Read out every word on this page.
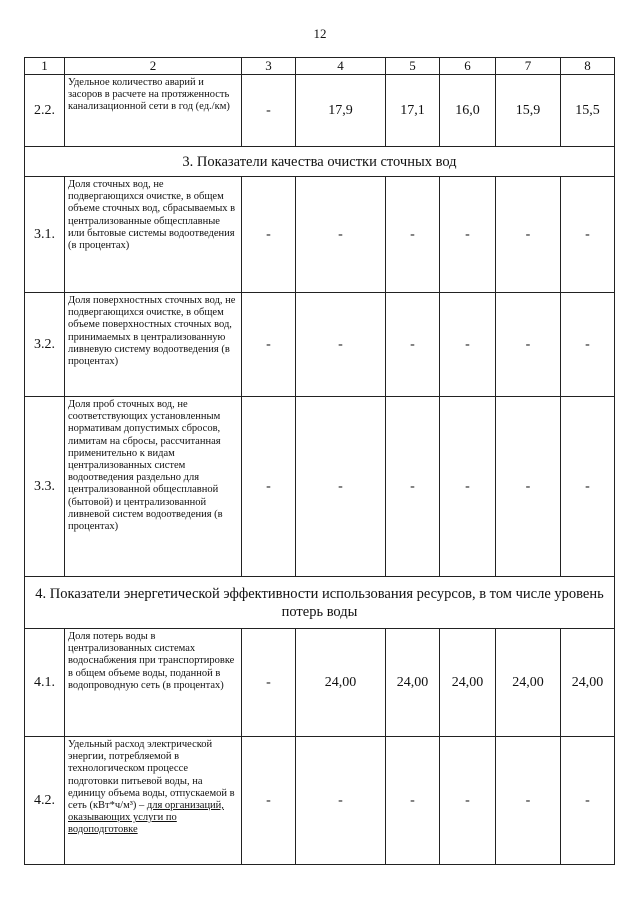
12
1	2	3	4	5	6	7	8
2.2.	Удельное количество аварий и засоров в расчете на протяженность канализационной сети в год (ед./км)	-	17,9	17,1	16,0	15,9	15,5
3. Показатели качества очистки сточных вод							
3.1.	Доля сточных вод, не подвергающихся очистке, в общем объеме сточных вод, сбрасываемых в централизованные общесплавные или бытовые системы водоотведения (в процентах)	-	-	-	-	-	-
3.2.	Доля поверхностных сточных вод, не подвергающихся очистке, в общем объеме поверхностных сточных вод, принимаемых в централизованную ливневую систему водоотведения (в процентах)	-	-	-	-	-	-
3.3.	Доля проб сточных вод, не соответствующих установленным нормативам допустимых сбросов, лимитам на сбросы, рассчитанная применительно к видам централизованных систем водоотведения раздельно для централизованной общесплавной (бытовой) и централизованной ливневой систем водоотведения (в процентах)	-	-	-	-	-	-
4. Показатели энергетической эффективности использования ресурсов, в том числе уровень потерь воды							
4.1.	Доля потерь воды в централизованных системах водоснабжения при транспортировке в общем объеме воды, поданной в водопроводную сеть (в процентах)	-	24,00	24,00	24,00	24,00	24,00
4.2.	Удельный расход электрической энергии, потребляемой в технологическом процессе подготовки питьевой воды, на единицу объема воды, отпускаемой в сеть (кВт*ч/м³) – для организаций, оказывающих услуги по водоподготовке	-	-	-	-	-	-
